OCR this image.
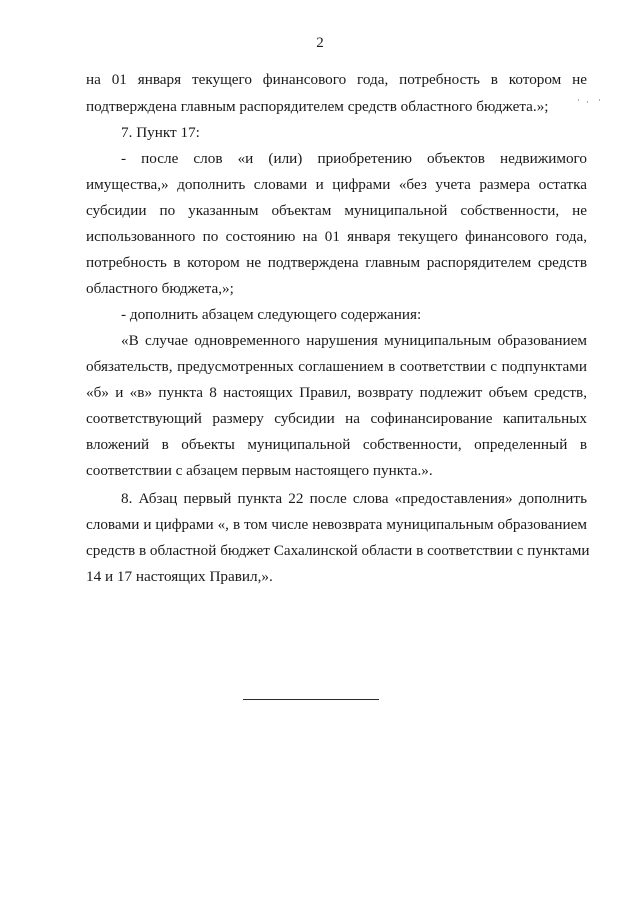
2
на 01 января текущего финансового года, потребность в котором не
подтверждена главным распорядителем средств областного бюджета.»;
7. Пункт 17:
- после слов «и (или) приобретению объектов недвижимого
имущества,» дополнить словами и цифрами «без учета размера остатка
субсидии по указанным объектам муниципальной собственности, не
использованного по состоянию на 01 января текущего финансового года,
потребность в котором не подтверждена главным распорядителем средств
областного бюджета,»;
- дополнить абзацем следующего содержания:
«В случае одновременного нарушения муниципальным образованием
обязательств, предусмотренных соглашением в соответствии с подпунктами
«б» и «в» пункта 8 настоящих Правил, возврату подлежит объем средств,
соответствующий размеру субсидии на софинансирование капитальных
вложений в объекты муниципальной собственности, определенный в
соответствии с абзацем первым настоящего пункта.».
8. Абзац первый пункта 22 после слова «предоставления» дополнить
словами и цифрами «, в том числе невозврата муниципальным образованием
средств в областной бюджет Сахалинской области в соответствии с пунктами
14 и 17 настоящих Правил,».
· · ·
